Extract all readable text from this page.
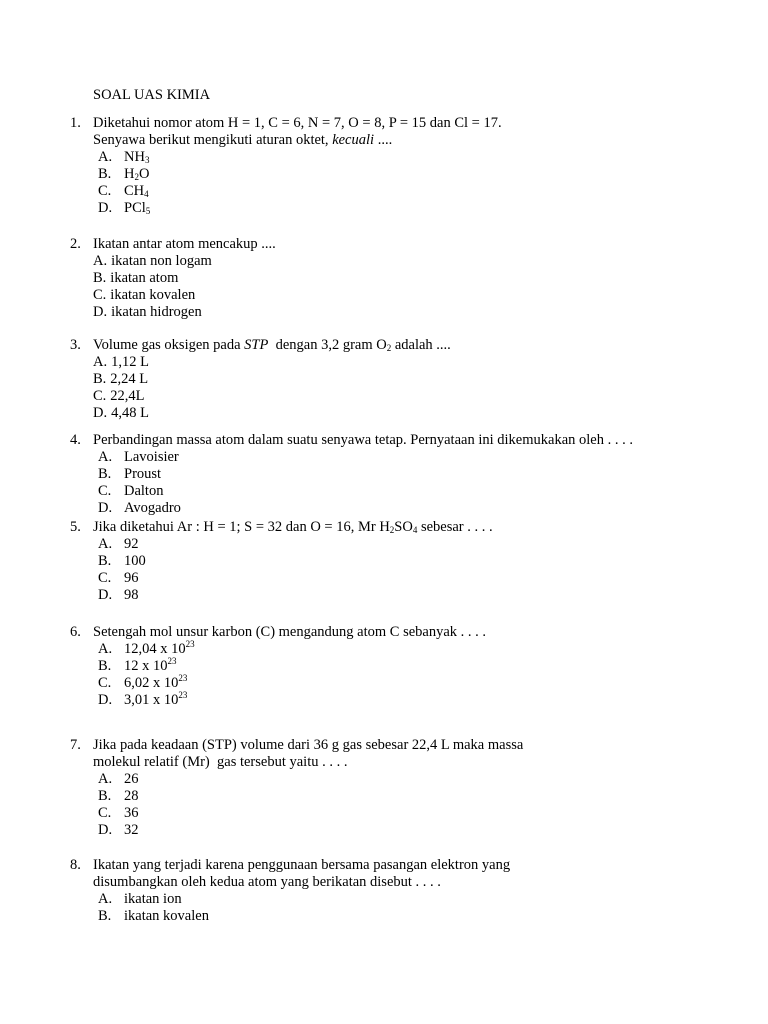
SOAL UAS KIMIA
1. Diketahui nomor atom H = 1, C = 6, N = 7, O = 8, P = 15 dan Cl = 17.
Senyawa berikut mengikuti aturan oktet, kecuali ....
A. $NH_3$
B. $H_2O$
C. $CH_4$
D. PCl$_5$
2. Ikatan antar atom mencakup ....
A. ikatan non logam
B. ikatan atom
C. ikatan kovalen
D. ikatan hidrogen
3. Volume gas oksigen pada STP  dengan 3,2 gram $O_2$ adalah ....
A. 1,12 L
B. 2,24 L
C. 22,4L
D. 4,48 L
4. Perbandingan massa atom dalam suatu senyawa tetap. Pernyataan ini dikemukakan oleh . . . .
A. Lavoisier
B. Proust
C. Dalton
D. Avogadro
5. Jika diketahui Ar : H = 1; S = 32 dan O = 16, Mr $H_2SO_4$ sebesar . . . .
A. 92
B. 100
C. 96
D. 98
6. Setengah mol unsur karbon (C) mengandung atom C sebanyak . . . .
A. 12,04 x $10^{23}$
B. 12 x $10^{23}$
C. 6,02 x $10^{23}$
D. 3,01 x $10^{23}$
7. Jika pada keadaan (STP) volume dari 36 g gas sebesar 22,4 L maka massa
molekul relatif (Mr)  gas tersebut yaitu . . . .
A. 26
B. 28
C. 36
D. 32
8. Ikatan yang terjadi karena penggunaan bersama pasangan elektron yang
disumbangkan oleh kedua atom yang berikatan disebut . . . .
A. ikatan ion
B. ikatan kovalen
